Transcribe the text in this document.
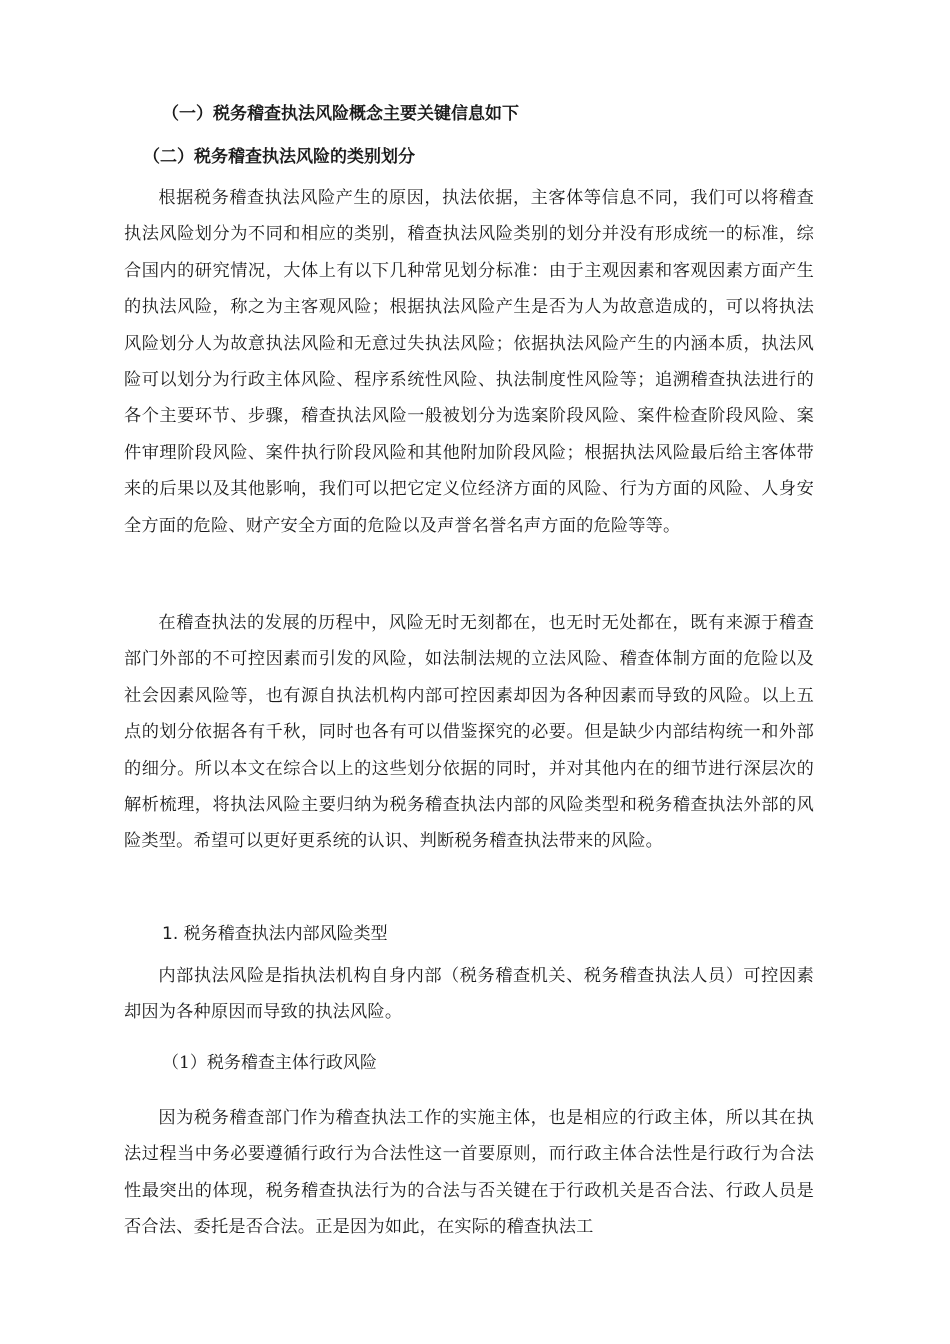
（一）税务稽查执法风险概念主要关键信息如下
（二）税务稽查执法风险的类别划分

根据税务稽查执法风险产生的原因，执法依据，主客体等信息不同，我们可以将稽查执法风险划分为不同和相应的类别，稽查执法风险类别的划分并没有形成统一的标准，综合国内的研究情况，大体上有以下几种常见划分标准：由于主观因素和客观因素方面产生的执法风险，称之为主客观风险；根据执法风险产生是否为人为故意造成的，可以将执法风险划分人为故意执法风险和无意过失执法风险；依据执法风险产生的内涵本质，执法风险可以划分为行政主体风险、程序系统性风险、执法制度性风险等；追溯稽查执法进行的各个主要环节、步骤，稽查执法风险一般被划分为选案阶段风险、案件检查阶段风险、案件审理阶段风险、案件执行阶段风险和其他附加阶段风险；根据执法风险最后给主客体带来的后果以及其他影响，我们可以把它定义位经济方面的风险、行为方面的风险、人身安全方面的危险、财产安全方面的危险以及声誉名誉名声方面的危险等等。

在稽查执法的发展的历程中，风险无时无刻都在，也无时无处都在，既有来源于稽查部门外部的不可控因素而引发的风险，如法制法规的立法风险、稽查体制方面的危险以及社会因素风险等，也有源自执法机构内部可控因素却因为各种因素而导致的风险。以上五点的划分依据各有千秋，同时也各有可以借鉴探究的必要。但是缺少内部结构统一和外部的细分。所以本文在综合以上的这些划分依据的同时，并对其他内在的细节进行深层次的解析梳理，将执法风险主要归纳为税务稽查执法内部的风险类型和税务稽查执法外部的风险类型。希望可以更好更系统的认识、判断税务稽查执法带来的风险。

1. 税务稽查执法内部风险类型

内部执法风险是指执法机构自身内部（税务稽查机关、税务稽查执法人员）可控因素却因为各种原因而导致的执法风险。

（1）税务稽查主体行政风险

因为税务稽查部门作为稽查执法工作的实施主体，也是相应的行政主体，所以其在执法过程当中务必要遵循行政行为合法性这一首要原则，而行政主体合法性是行政行为合法性最突出的体现，税务稽查执法行为的合法与否关键在于行政机关是否合法、行政人员是否合法、委托是否合法。正是因为如此，在实际的稽查执法工
